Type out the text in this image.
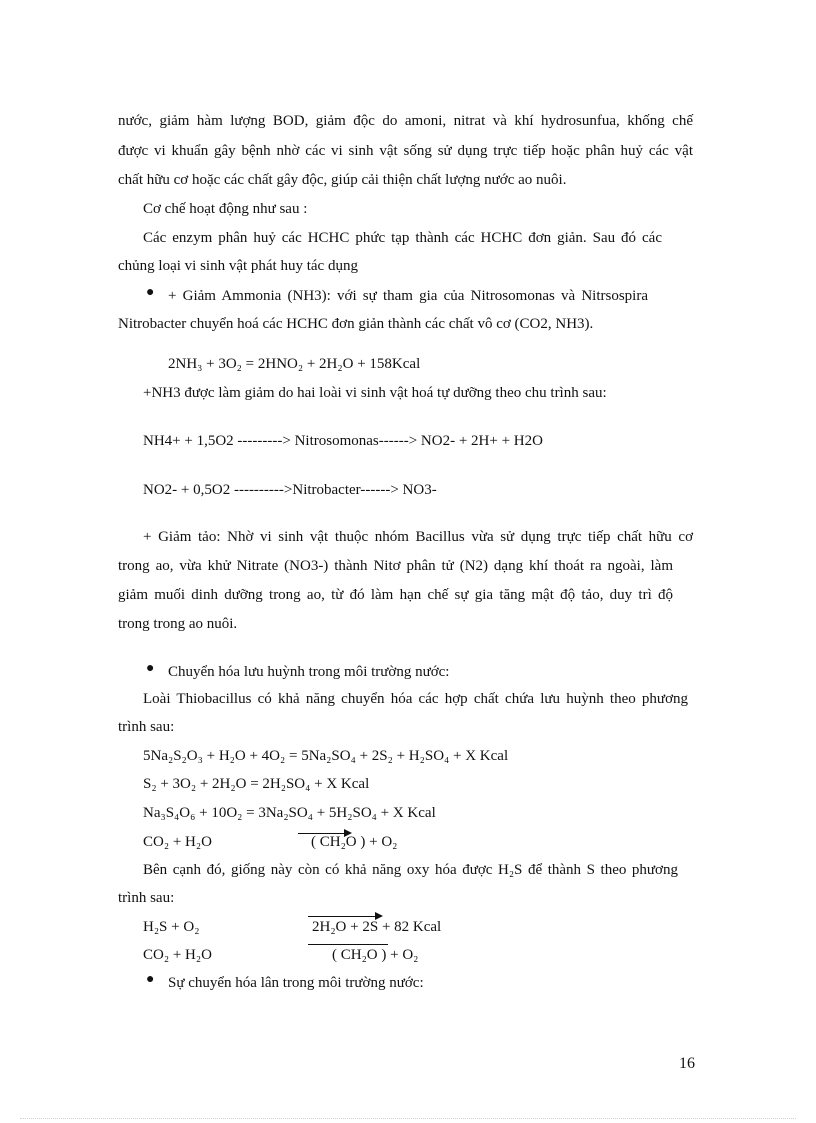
nước, giảm hàm lượng BOD, giảm độc do amoni, nitrat và khí hydrosunfua, khống chế
được vi khuẩn gây bệnh nhờ các vi sinh vật sống sử dụng trực tiếp hoặc phân huỷ các vật
chất hữu cơ hoặc các chất gây độc, giúp cải thiện chất lượng nước ao nuôi.
Cơ chế hoạt động như sau :
Các enzym phân huỷ các HCHC phức tạp thành các HCHC đơn giản. Sau đó các
chủng loại vi sinh vật phát huy tác dụng
● + Giảm Ammonia (NH3): với sự tham gia của Nitrosomonas và Nitrsospira
Nitrobacter chuyển hoá các HCHC đơn giản thành các chất vô cơ (CO2, NH3).
2NH₃ + 3O₂ = 2HNO₂ + 2H₂O + 158Kcal
+NH3 được làm giảm do hai loài vi sinh vật hoá tự dưỡng theo chu trình sau:
NH4+ + 1,5O2 ---------> Nitrosomonas------> NO2- + 2H+ + H2O
NO2- + 0,5O2 ---------->Nitrobacter------> NO3-
+ Giảm tảo: Nhờ vi sinh vật thuộc nhóm Bacillus vừa sử dụng trực tiếp chất hữu cơ
trong ao, vừa khử Nitrate (NO3-) thành Nitơ phân tử (N2) dạng khí thoát ra ngoài, làm
giảm muối dinh dưỡng trong ao, từ đó làm hạn chế sự gia tăng mật độ tảo, duy trì độ
trong trong ao nuôi.
● Chuyển hóa lưu huỳnh trong môi trường nước:
Loài Thiobacillus có khả năng chuyển hóa các hợp chất chứa lưu huỳnh theo phương
trình sau:
5Na₂S₂O₃ + H₂O + 4O₂ = 5Na₂SO₄ + 2S₂ + H₂SO₄ + X Kcal
S₂ + 3O₂ + 2H₂O = 2H₂SO₄ + X Kcal
Na₃S₄O₆ + 10O₂ = 3Na₂SO₄ + 5H₂SO₄ + X Kcal
CO₂ + H₂O	( CH₂O ) + O₂
Bên cạnh đó, giống này còn có khả năng oxy hóa được H₂S để thành S theo phương
trình sau:
H₂S + O₂	2H₂O + 2S + 82 Kcal
CO₂ + H₂O	( CH₂O ) + O₂
● Sự chuyển hóa lân trong môi trường nước:
16
